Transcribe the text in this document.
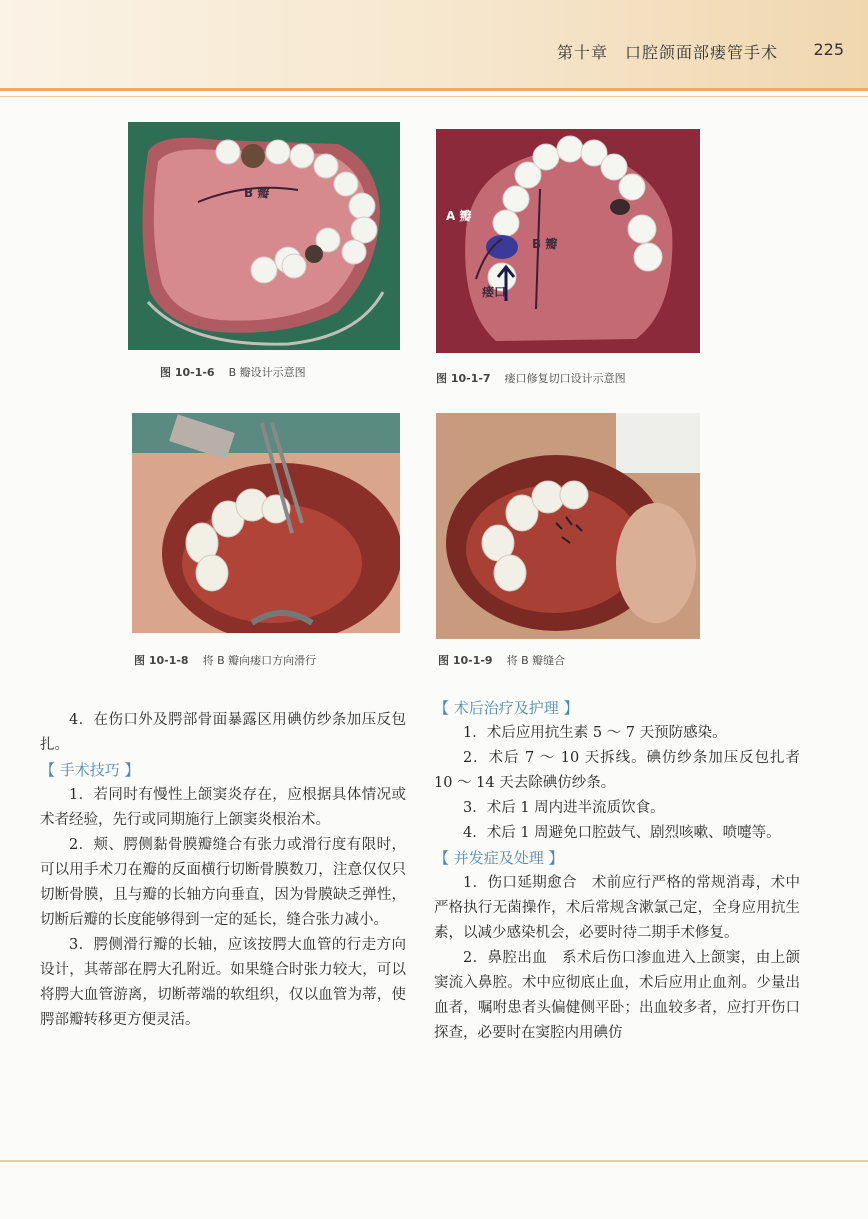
第十章　口腔颌面部瘘管手术 225
B 瓣
图 10-1-6 B 瓣设计示意图
A 瓣
B 瓣
瘘口
图 10-1-7 瘘口修复切口设计示意图
图 10-1-8 将 B 瓣向瘘口方向滑行	图 10-1-9 将 B 瓣缝合

4．在伤口外及腭部骨面暴露区用碘仿纱条加压反包扎。

【 手术技巧 】

1．若同时有慢性上颌窦炎存在，应根据具体情况或术者经验，先行或同期施行上颌窦炎根治术。

2．颊、腭侧黏骨膜瓣缝合有张力或滑行度有限时，可以用手术刀在瓣的反面横行切断骨膜数刀，注意仅仅只切断骨膜，且与瓣的长轴方向垂直，因为骨膜缺乏弹性，切断后瓣的长度能够得到一定的延长，缝合张力减小。

3．腭侧滑行瓣的长轴，应该按腭大血管的行走方向设计，其蒂部在腭大孔附近。如果缝合时张力较大，可以将腭大血管游离，切断蒂端的软组织，仅以血管为蒂，使腭部瓣转移更方便灵活。

【 术后治疗及护理 】

1．术后应用抗生素 5 ～ 7 天预防感染。

2．术后 7 ～ 10 天拆线。碘仿纱条加压反包扎者 10 ～ 14 天去除碘仿纱条。

3．术后 1 周内进半流质饮食。

4．术后 1 周避免口腔鼓气、剧烈咳嗽、喷嚏等。

【 并发症及处理 】

1．伤口延期愈合　术前应行严格的常规消毒，术中严格执行无菌操作，术后常规含漱氯己定，全身应用抗生素，以减少感染机会，必要时待二期手术修复。

2．鼻腔出血　系术后伤口渗血进入上颌窦，由上颌窦流入鼻腔。术中应彻底止血，术后应用止血剂。少量出血者，嘱咐患者头偏健侧平卧；出血较多者，应打开伤口探查，必要时在窦腔内用碘仿
